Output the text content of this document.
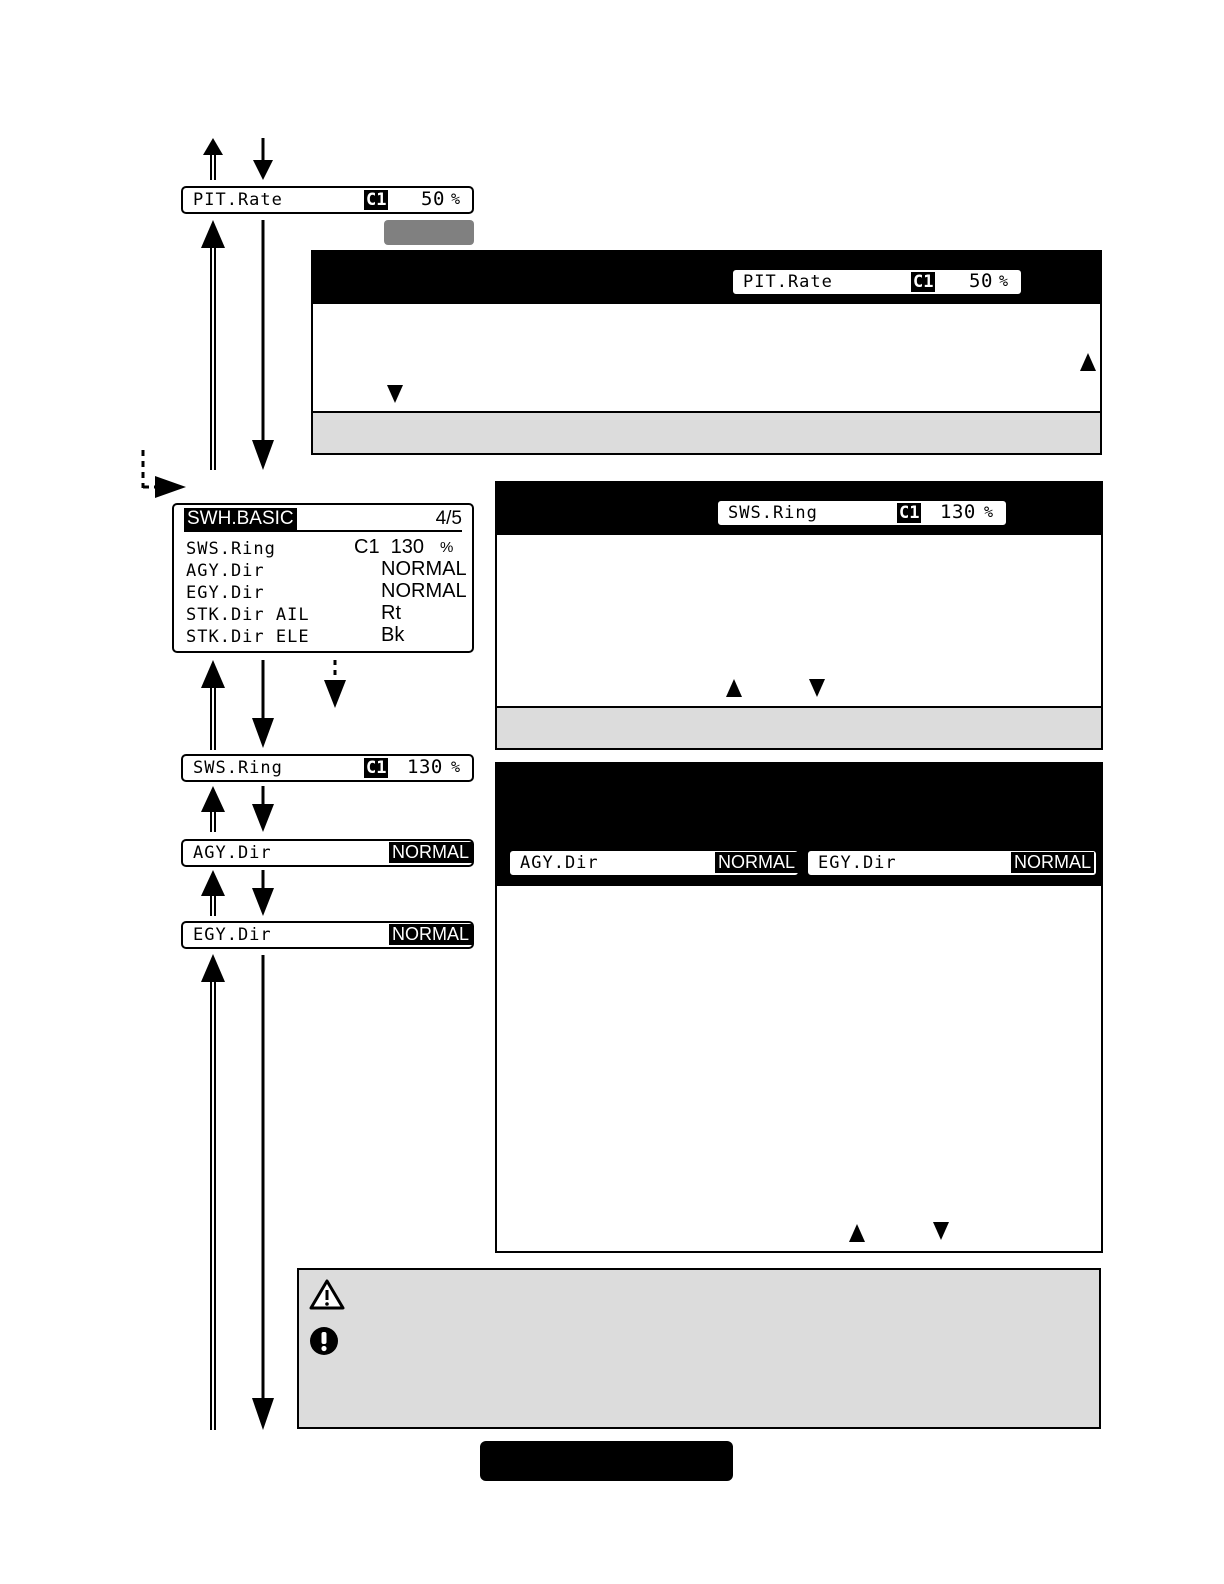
PIT.Rate	C1 50 %
PIT.Rate	C1 50 %
SWH.BASIC	4/5
SWS.Ring	C1  130 %
AGY.Dir	NORMAL
EGY.Dir	NORMAL
STK.Dir AIL	Rt
STK.Dir ELE	Bk
SWS.Ring	C1 130 %
SWS.Ring	C1 130 %
AGY.Dir	NORMAL
EGY.Dir	NORMAL
AGY.Dir	NORMAL EGY.Dir	NORMAL
